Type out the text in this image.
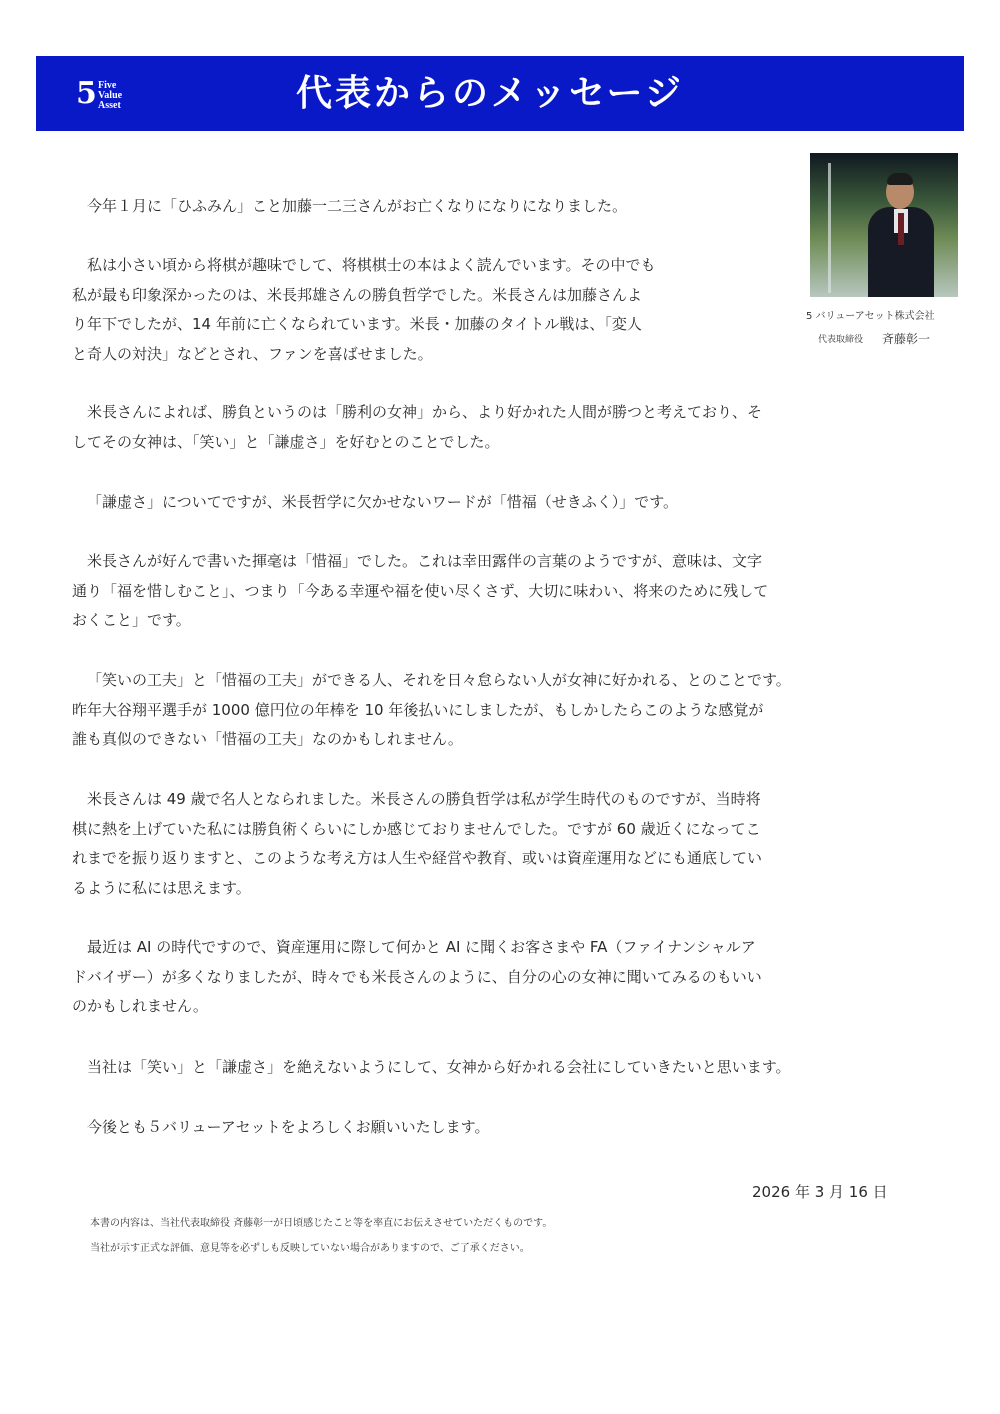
5 Five
Value
Asset	代表からのメッセージ
5 バリューアセット株式会社
代表取締役 斉藤彰一

今年１月に「ひふみん」こと加藤一二三さんがお亡くなりになりになりました。

私は小さい頃から将棋が趣味でして、将棋棋士の本はよく読んでいます。その中でも
私が最も印象深かったのは、米長邦雄さんの勝負哲学でした。米長さんは加藤さんよ
り年下でしたが、14 年前に亡くなられています。米長・加藤のタイトル戦は、「変人
と奇人の対決」などとされ、ファンを喜ばせました。

米長さんによれば、勝負というのは「勝利の女神」から、より好かれた人間が勝つと考えており、そ
してその女神は、「笑い」と「謙虚さ」を好むとのことでした。

「謙虚さ」についてですが、米長哲学に欠かせないワードが「惜福（せきふく）」です。

米長さんが好んで書いた揮毫は「惜福」でした。これは幸田露伴の言葉のようですが、意味は、文字
通り「福を惜しむこと」、つまり「今ある幸運や福を使い尽くさず、大切に味わい、将来のために残して
おくこと」です。

「笑いの工夫」と「惜福の工夫」ができる人、それを日々怠らない人が女神に好かれる、とのことです。
昨年大谷翔平選手が 1000 億円位の年棒を 10 年後払いにしましたが、もしかしたらこのような感覚が
誰も真似のできない「惜福の工夫」なのかもしれません。

米長さんは 49 歳で名人となられました。米長さんの勝負哲学は私が学生時代のものですが、当時将
棋に熱を上げていた私には勝負術くらいにしか感じておりませんでした。ですが 60 歳近くになってこ
れまでを振り返りますと、このような考え方は人生や経営や教育、或いは資産運用などにも通底してい
るように私には思えます。

最近は AI の時代ですので、資産運用に際して何かと AI に聞くお客さまや FA（ファイナンシャルア
ドバイザー）が多くなりましたが、時々でも米長さんのように、自分の心の女神に聞いてみるのもいい
のかもしれません。

当社は「笑い」と「謙虚さ」を絶えないようにして、女神から好かれる会社にしていきたいと思います。

今後とも５バリューアセットをよろしくお願いいたします。

2026 年 3 月 16 日
本書の内容は、当社代表取締役 斉藤彰一が日頃感じたこと等を率直にお伝えさせていただくものです。
当社が示す正式な評価、意見等を必ずしも反映していない場合がありますので、ご了承ください。
